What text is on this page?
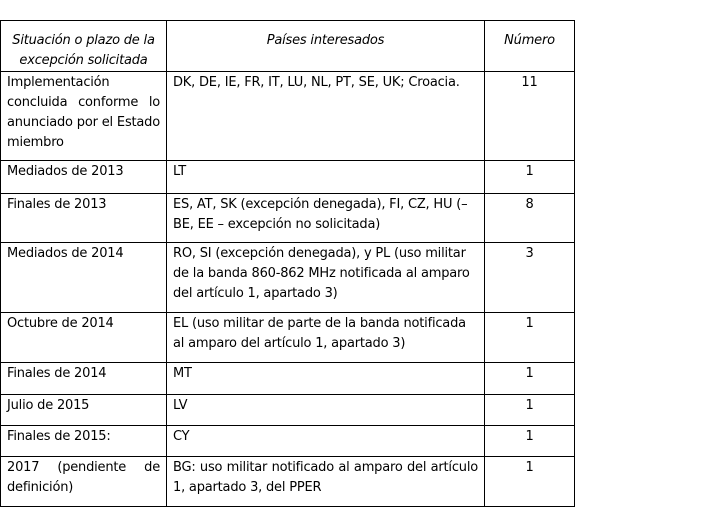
Situación o plazo de la excepción solicitada	Países interesados	Número
Implementación concluida conforme lo anunciado por el Estado miembro	DK, DE, IE, FR, IT, LU, NL, PT, SE, UK; Croacia.	11
Mediados de 2013	LT	1
Finales de 2013	ES, AT, SK (excepción denegada), FI, CZ, HU (– BE, EE – excepción no solicitada)	8
Mediados de 2014	RO, SI (excepción denegada), y PL (uso militar de la banda 860-862 MHz notificada al amparo del artículo 1, apartado 3)	3
Octubre de 2014	EL (uso militar de parte de la banda notificada al amparo del artículo 1, apartado 3)	1
Finales de 2014	MT	1
Julio de 2015	LV	1
Finales de 2015:	CY	1
2017 (pendiente de definición)	BG: uso militar notificado al amparo del artículo 1, apartado 3, del PPER	1
